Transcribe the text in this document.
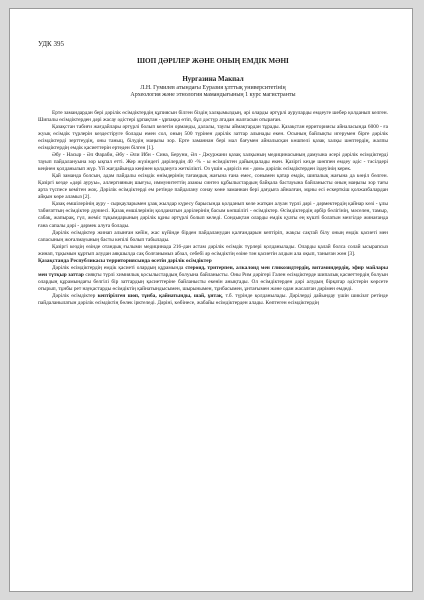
УДК 395
ШОП ДӘРІЛЕР ЖӘНЕ ОНЫҢ ЕМДІК МӘНІ
Нургазина Макпал
Л.Н. Гумилев атындағы Еуразия ұлттық университетінің
Археология және этнология мамандығының 1 курс магистранты

Ерте замандардан бері дәрілік өсімдіктердің құпиясын білген біздің халқымыздың, әрі оларды әртүрлі ауруларды емдеуге шебер қолданып келген. Шипалы өсімдіктерден дәрі жасау әдістері ұрпақтан - ұрпаққа өтіп, бұл дәстүр атадан жалғасын отыраған.

Қазақстан табиғи жағдайлары әртүрлі болып келетін орманды, далалы, таулы аймақтардан тұрады. Қазақстан ерриториясы айналасында 6000 - ға жуық өсімдік түрлерін кездестіруге болады емен сол, оның 500 түрінен дәрілік заттар алынады екен. Осының байлықты игерумен бірге дәрілік өсімдіктерді зерттеудің, оны таныц, білудің маңызы зор. Ерте заманнан бері мал бағумен айналысқан көшпелі қазақ халқы шөптердің, жалпы өсімдіктердің емдік қасиеттерін ертеден білген [1].

Әбу - Насыр - Әл Фараби, Әбу - Әли Ибн - Сина, Беруни, Әл - Джуржани қазақ халқының медицинасының дамуына әсері дәрілік өсімдіктерді тауып пайдалануына зор ықпал етті. Жер жүзіндегі дәрілердің 40 -% - ы өсімдіктен дайындалады екен. Қазіргі кезде шөппен емдеу әдіс - тәсілдері кеңінен қолданылып жүр. Үй жағдайында кеңінен қолдануға жеткілікті. Оз үшін «дәрісіз ем - дом» дәрілік өсімдіктерден іздеуінің керек.

Қай заманда болсын, адам пайдалы өсімдік өнімдерінің тағамдық жағына ғана емес, сонымен қатар емдік, шипалық жағына да көңіл бөлген. Қазіргі кезде «дәрі ауруы», аллергияның шығуы, иммунитеттің азаюы синтез құбылыстардың байқала бастауына байланысты оның маңызы зор тағы арта түспесе кемітен жоқ. Дәрілік өсімдіктерді ем ретінде пайдалану сонау көне заманнан бері дағдыға айналған, мұны есі ескерткіш қолжазбалардан айқын көре аламыз [2].

Қазақ емшілерінің ауру - сырқауларымен ұзақ жылдар күресу барысында қолданып келе жатқан алуан түрлі дәрі - дәрмектердің қайнар көзі - ұлы табиғаттың өсімдіктер дүниесі. Қазақ емшілерінің қолданатын дәрілерінің басым көпшілігі - өсімдіктер. Өсімдіктердің әрбір бөлігінің, мәселен, тамыр, сабақ, жапырақ, гүл, жеміс тұқымдарының дәрілік құны әртүрлі болып келеді. Сондықтан оларды емдік қуаты ең күшті болатын мезгілде жинағанда ғана сапалы дәрі - дәрмек алуға болады.

Дәрілік өсімдіктер жинап алынған кейін, жас күйінде бірден пайдаланудан қалғандарын кептіріп, жақсы сақтай білу оның емдік қасиеті мен сапасының жоғалмауының басты кепілі болып табылады.

Қазіргі кездің өзінде отандық ғылыми медицинада 216-дан астам дәрілік өсімдік түрлері қолданылады. Оларды қалай болса солай ысырапсыз жинап, тұқымын құртып алудан аяқшылда сақ болғанымыз абзал, себебі әр өсімдіктің өзіне тән қасиетін алдын ала оқып, таныған жөн [3].

Қазақстанда Республикасы территориясында өсетін дәрілік өсімдіктер

Дәрілік өсімдіктердің емдік қасиеті олардың құрамында стероид, тритерпен, алкалоид мен гликозидтердің, витаминдердің, эфир майлары мен түтқыр заттар сияқты түрлі химиялық қосылыстардың болуына байланысты. Оны Рим дәрігері Гален өсімдіктерде шипалық қасиеттердің болуын олардың құрамындағы белгілі бір заттардың қасиеттеріне байланысты екенін анықтады. Ол өсімдіктерден дәрі алудың бірқатар әдістерін көрсете отырып, тұнбы рет науқастарды өсімдіктің қайнатындысымен, шырынымен, тұнбасымен, ұнтағымен және одан жасалған дәрімен емдеді.

Дәрілік өсімдіктер кептірілген шөп, тұнба, қайнатынды, шай, ұнтақ, т.б. түрінде қолданылады. Дәрілерді дайындау үшін шикізат ретінде пайдаланылатын дәрілік өсімдіктің бөлек ірктеледі. Дәріні, көбінесе, жабайы өсімдіктерден алады. Көптеген өсімдіктердің
